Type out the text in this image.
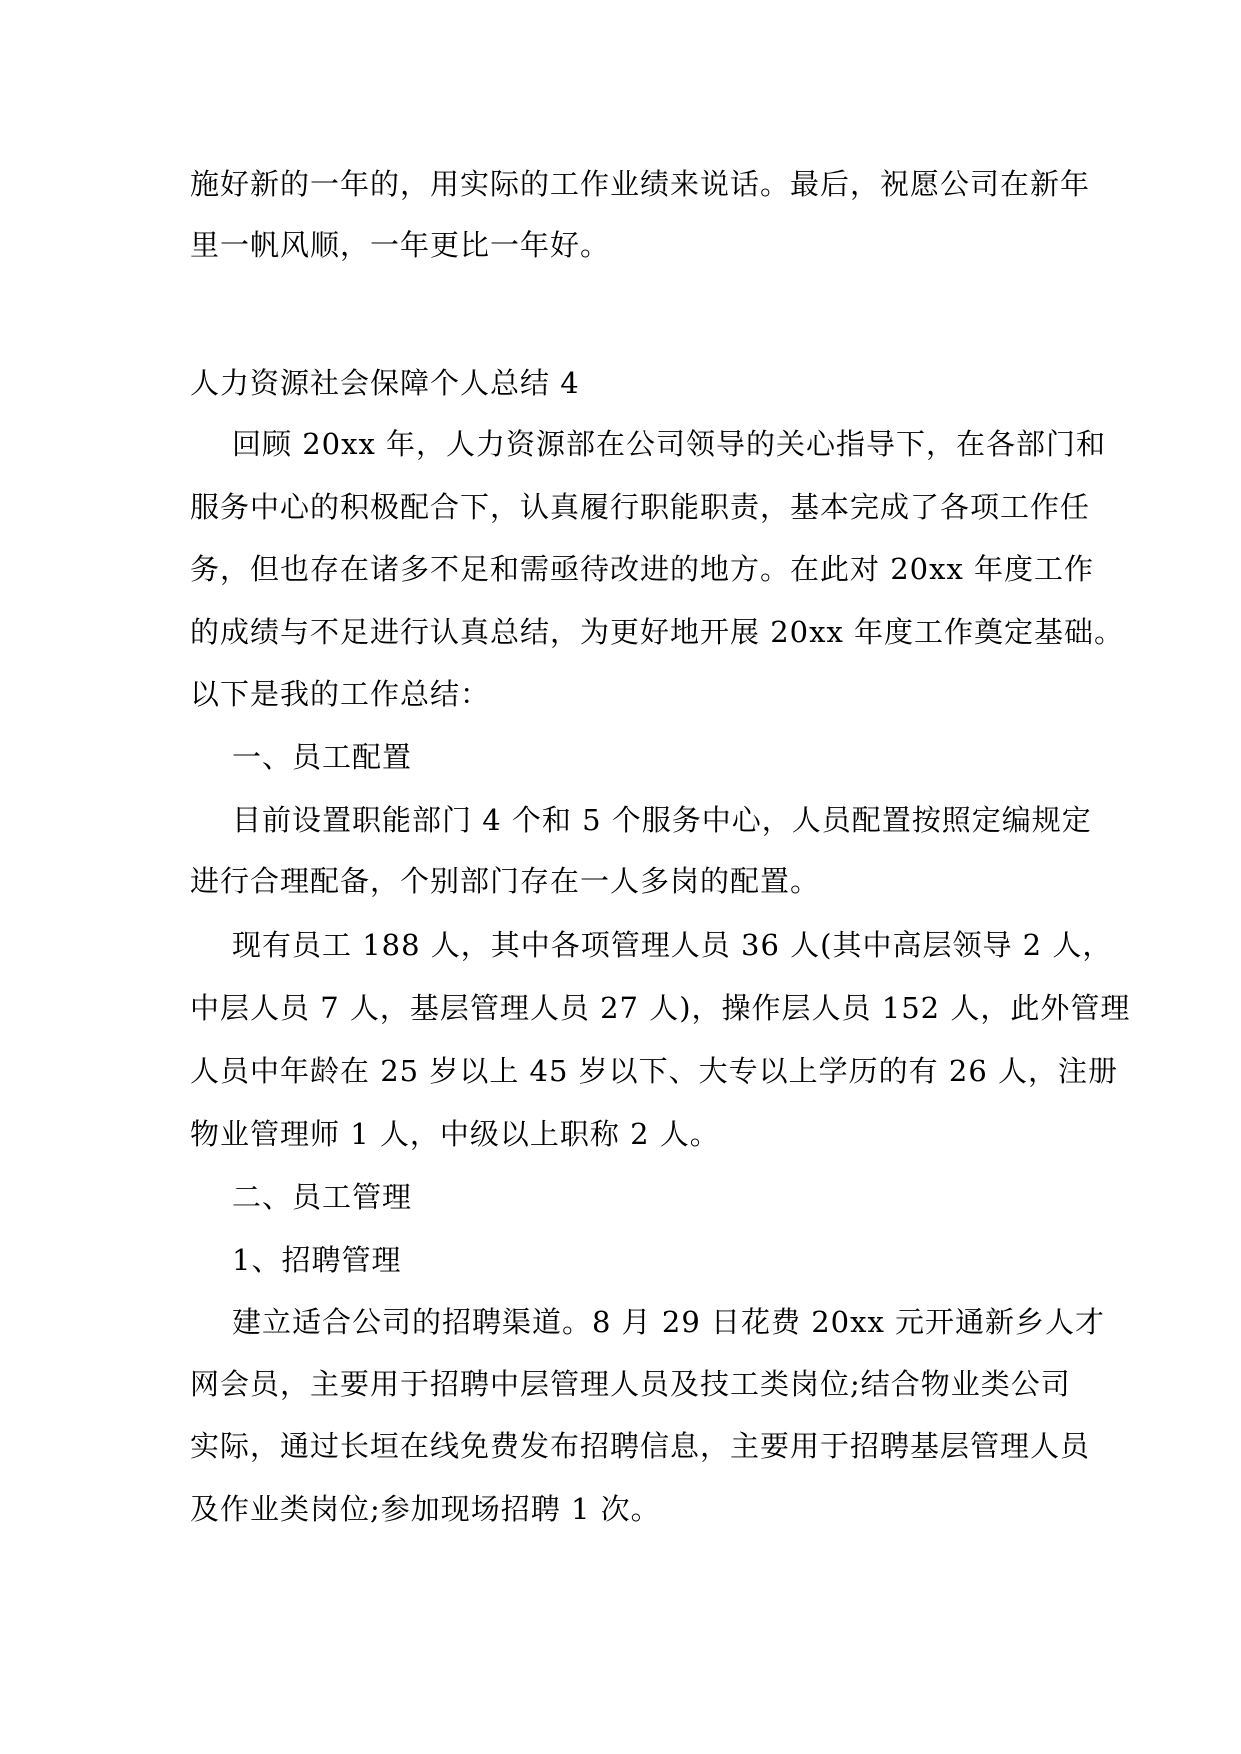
施好新的一年的，用实际的工作业绩来说话。最后，祝愿公司在新年
里一帆风顺，一年更比一年好。
人力资源社会保障个人总结 4
回顾 20xx 年，人力资源部在公司领导的关心指导下，在各部门和
服务中心的积极配合下，认真履行职能职责，基本完成了各项工作任
务，但也存在诸多不足和需亟待改进的地方。在此对 20xx 年度工作
的成绩与不足进行认真总结，为更好地开展 20xx 年度工作奠定基础。
以下是我的工作总结：
一、员工配置
目前设置职能部门 4 个和 5 个服务中心，人员配置按照定编规定
进行合理配备，个别部门存在一人多岗的配置。
现有员工 188 人，其中各项管理人员 36 人(其中高层领导 2 人，
中层人员 7 人，基层管理人员 27 人)，操作层人员 152 人，此外管理
人员中年龄在 25 岁以上 45 岁以下、大专以上学历的有 26 人，注册
物业管理师 1 人，中级以上职称 2 人。
二、员工管理
1、招聘管理
建立适合公司的招聘渠道。8 月 29 日花费 20xx 元开通新乡人才
网会员，主要用于招聘中层管理人员及技工类岗位;结合物业类公司
实际，通过长垣在线免费发布招聘信息，主要用于招聘基层管理人员
及作业类岗位;参加现场招聘 1 次。
